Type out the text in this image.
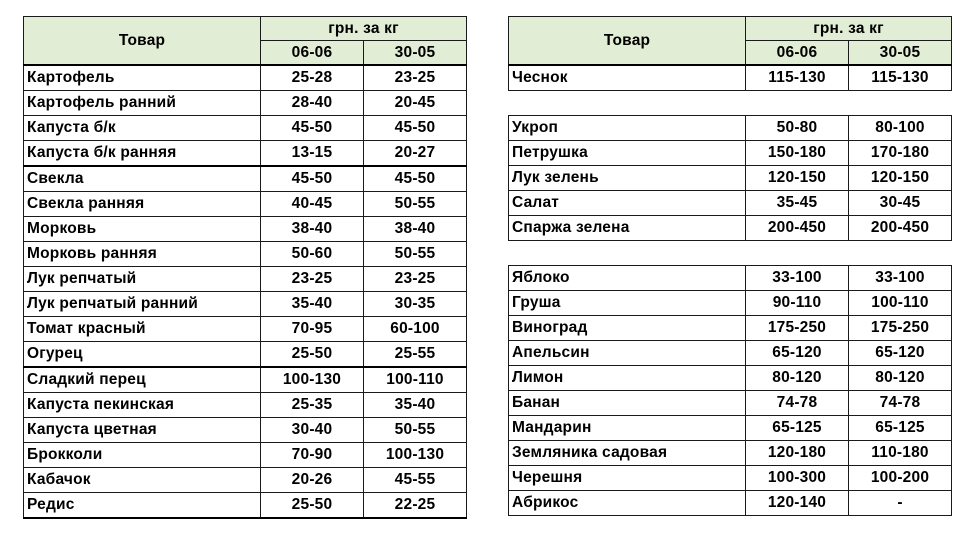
Товар	грн. за кг	
	06-06	30-05
Картофель	25-28	23-25
Картофель ранний	28-40	20-45
Капуста б/к	45-50	45-50
Капуста б/к ранняя	13-15	20-27
Свекла	45-50	45-50
Свекла ранняя	40-45	50-55
Морковь	38-40	38-40
Морковь ранняя	50-60	50-55
Лук репчатый	23-25	23-25
Лук репчатый ранний	35-40	30-35
Томат красный	70-95	60-100
Огурец	25-50	25-55
Сладкий перец	100-130	100-110
Капуста пекинская	25-35	35-40
Капуста цветная	30-40	50-55
Брокколи	70-90	100-130
Кабачок	20-26	45-55
Редис	25-50	22-25
Товар	грн. за кг	
	06-06	30-05
Чеснок	115-130	115-130

Укроп	50-80	80-100
Петрушка	150-180	170-180
Лук зелень	120-150	120-150
Салат	35-45	30-45
Спаржа зелена	200-450	200-450

Яблоко	33-100	33-100
Груша	90-110	100-110
Виноград	175-250	175-250
Апельсин	65-120	65-120
Лимон	80-120	80-120
Банан	74-78	74-78
Мандарин	65-125	65-125
Земляника садовая	120-180	110-180
Черешня	100-300	100-200
Абрикос	120-140	-
